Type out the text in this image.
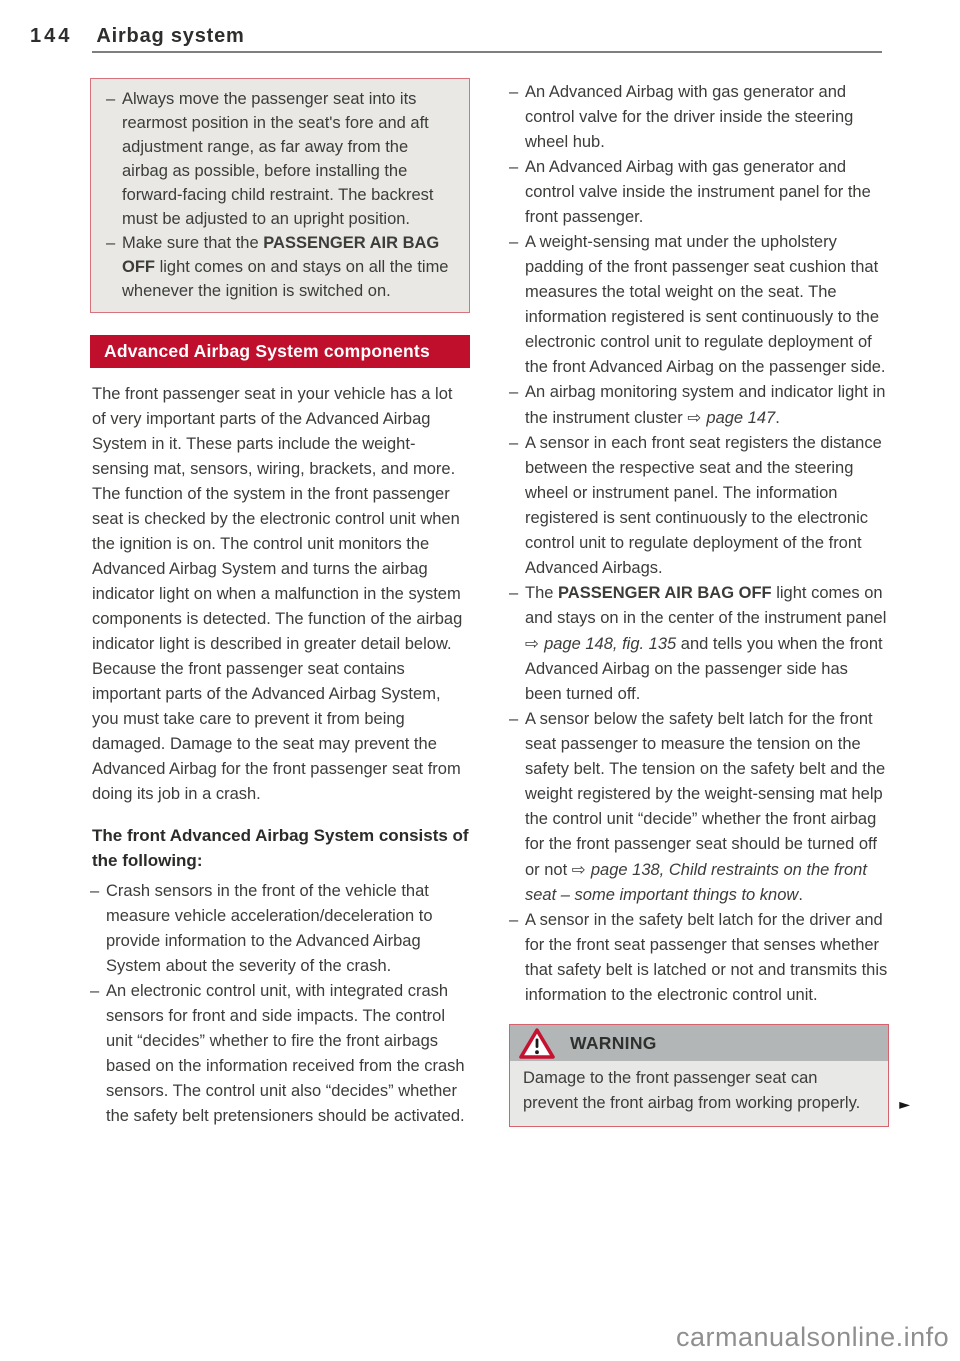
144 Airbag system
– Always move the passenger seat into its rearmost position in the seat's fore and aft adjustment range, as far away from the airbag as possible, before installing the forward-facing child restraint. The backrest must be adjusted to an upright position.
– Make sure that the PASSENGER AIR BAG OFF light comes on and stays on all the time whenever the ignition is switched on.
Advanced Airbag System components

The front passenger seat in your vehicle has a lot of very important parts of the Advanced Airbag System in it. These parts include the weight-sensing mat, sensors, wiring, brackets, and more. The function of the system in the front passenger seat is checked by the electronic control unit when the ignition is on. The control unit monitors the Advanced Airbag System and turns the airbag indicator light on when a malfunction in the system components is detected. The function of the airbag indicator light is described in greater detail below. Because the front passenger seat contains important parts of the Advanced Airbag System, you must take care to prevent it from being damaged. Damage to the seat may prevent the Advanced Airbag for the front passenger seat from doing its job in a crash.

The front Advanced Airbag System consists of the following:
– Crash sensors in the front of the vehicle that measure vehicle acceleration/deceleration to provide information to the Advanced Airbag System about the severity of the crash.
– An electronic control unit, with integrated crash sensors for front and side impacts. The control unit “decides” whether to fire the front airbags based on the information received from the crash sensors. The control unit also “decides” whether the safety belt pretensioners should be activated.
– An Advanced Airbag with gas generator and control valve for the driver inside the steering wheel hub.
– An Advanced Airbag with gas generator and control valve inside the instrument panel for the front passenger.
– A weight-sensing mat under the upholstery padding of the front passenger seat cushion that measures the total weight on the seat. The information registered is sent continuously to the electronic control unit to regulate deployment of the front Advanced Airbag on the passenger side.
– An airbag monitoring system and indicator light in the instrument cluster ⇨ page 147.
– A sensor in each front seat registers the distance between the respective seat and the steering wheel or instrument panel. The information registered is sent continuously to the electronic control unit to regulate deployment of the front Advanced Airbags.
– The PASSENGER AIR BAG OFF light comes on and stays on in the center of the instrument panel ⇨ page 148, fig. 135 and tells you when the front Advanced Airbag on the passenger side has been turned off.
– A sensor below the safety belt latch for the front seat passenger to measure the tension on the safety belt. The tension on the safety belt and the weight registered by the weight-sensing mat help the control unit “decide” whether the front airbag for the front passenger seat should be turned off or not ⇨ page 138, Child restraints on the front seat – some important things to know.
– A sensor in the safety belt latch for the driver and for the front seat passenger that senses whether that safety belt is latched or not and transmits this information to the electronic control unit.
WARNING
Damage to the front passenger seat can prevent the front airbag from working properly.	►
carmanualsonline.info
